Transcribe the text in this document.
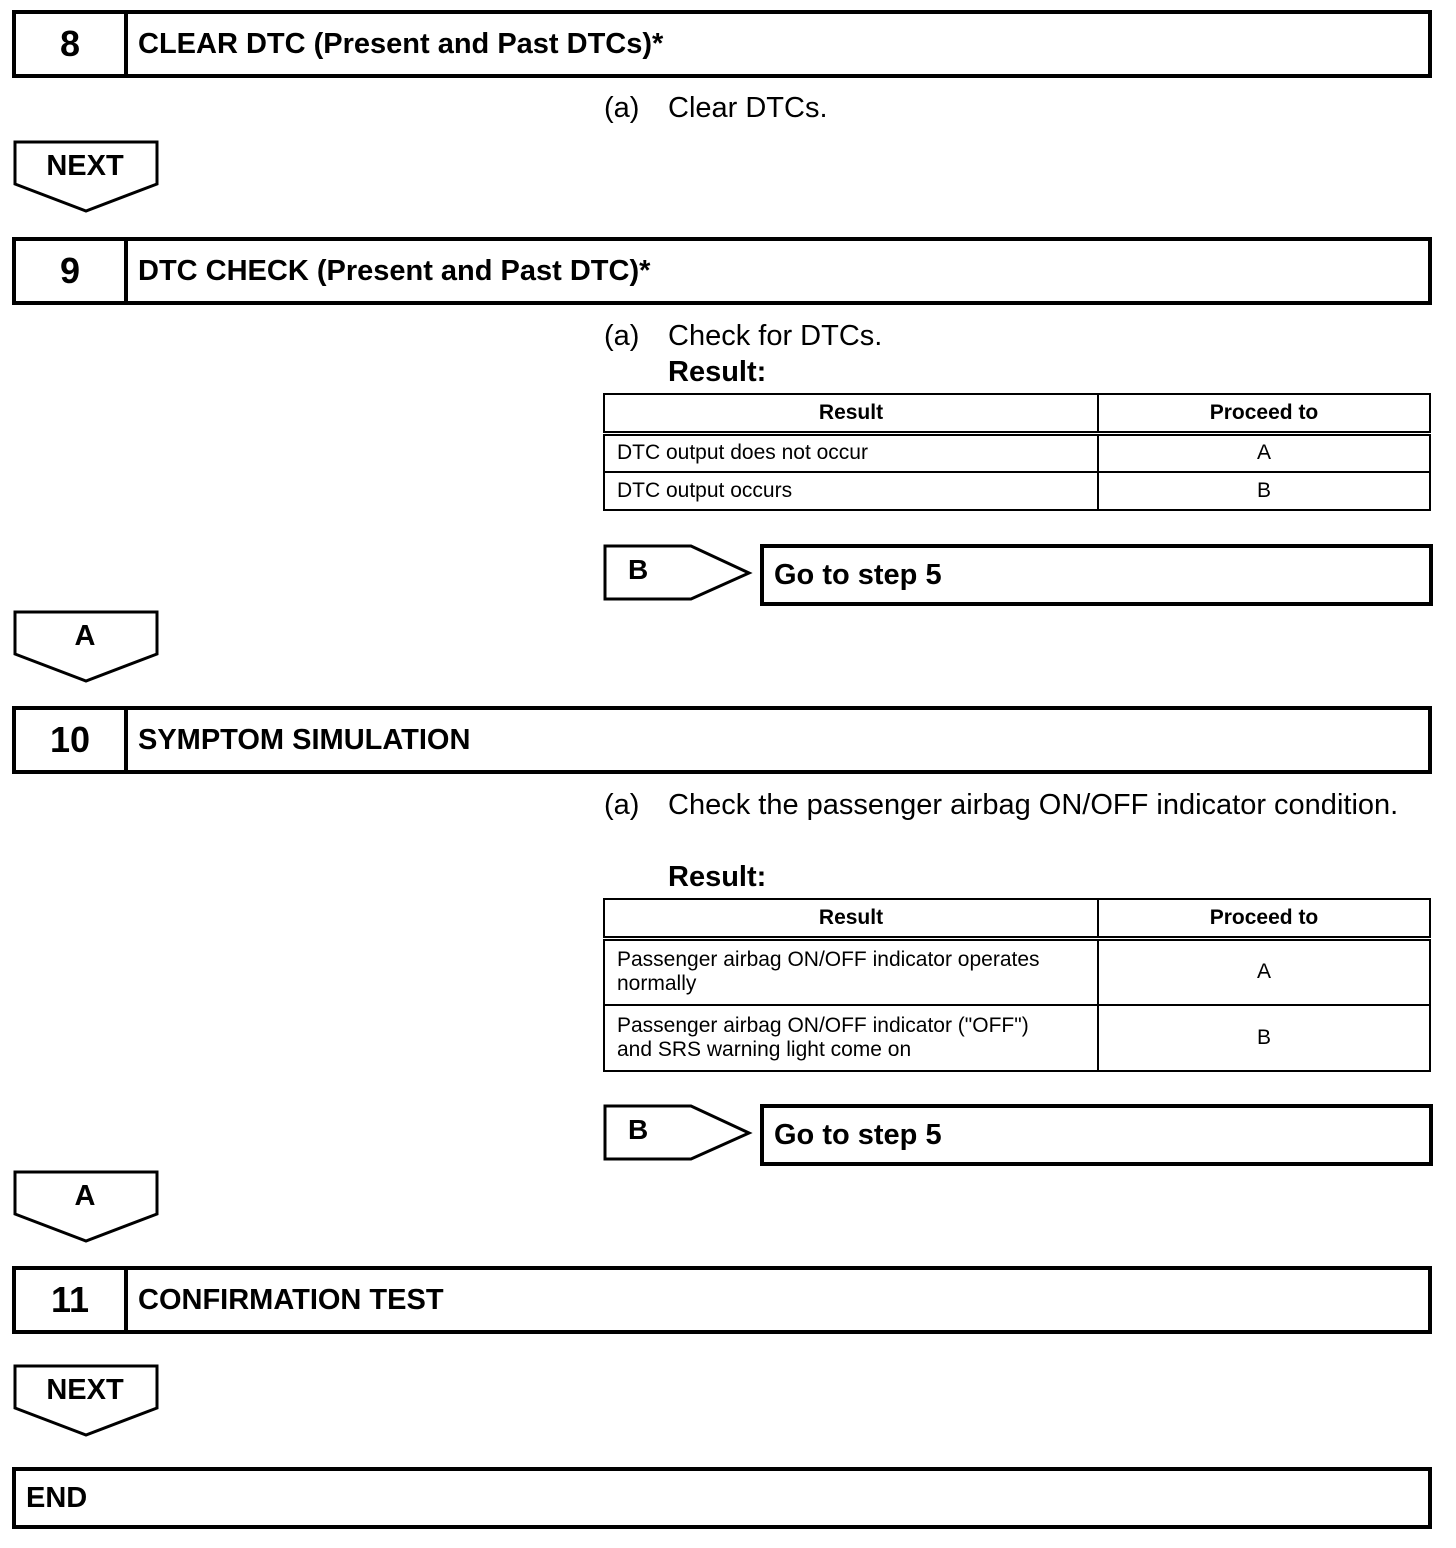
8	CLEAR DTC (Present and Past DTCs)*
(a) Clear DTCs.
NEXT
9	DTC CHECK (Present and Past DTC)*
(a) Check for DTCs.
Result:
Result	Proceed to
DTC output does not occur	A
DTC output occurs	B
B	Go to step 5
A
10	SYMPTOM SIMULATION
(a) Check the passenger airbag ON/OFF indicator condition.
Result:
Result	Proceed to
Passenger airbag ON/OFF indicator operates
normally	A
Passenger airbag ON/OFF indicator ("OFF")
and SRS warning light come on	B
B	Go to step 5
A
11	CONFIRMATION TEST
NEXT
END
